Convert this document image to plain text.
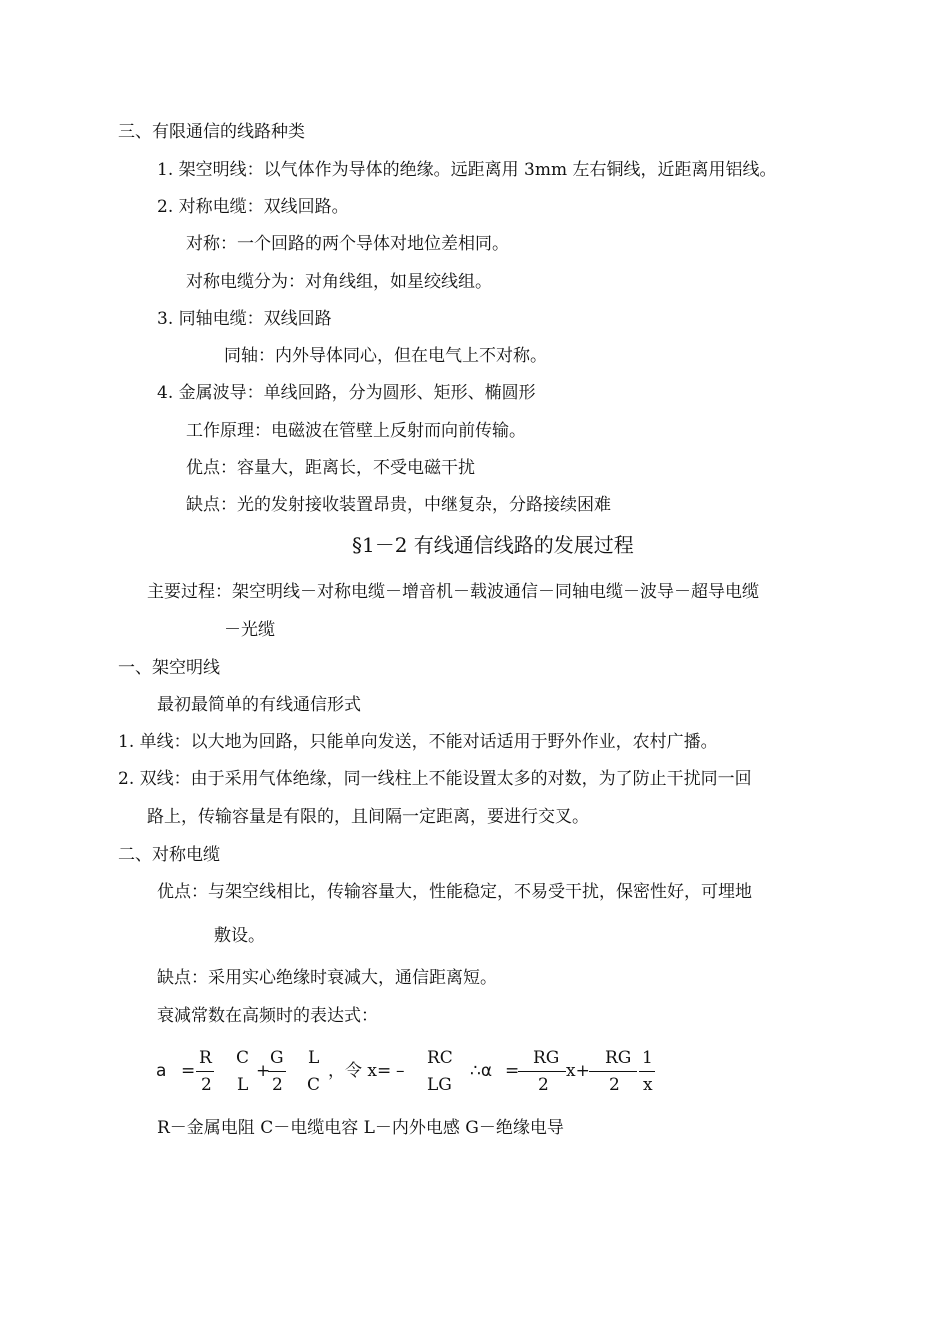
三、有限通信的线路种类
1. 架空明线：以气体作为导体的绝缘。远距离用 3mm 左右铜线，近距离用铝线。
2. 对称电缆：双线回路。
对称：一个回路的两个导体对地位差相同。
对称电缆分为：对角线组，如星绞线组。
3. 同轴电缆：双线回路
同轴：内外导体同心，但在电气上不对称。
4. 金属波导：单线回路，分为圆形、矩形、椭圆形
工作原理：电磁波在管壁上反射而向前传输。
优点：容量大，距离长，不受电磁干扰
缺点：光的发射接收装置昂贵，中继复杂，分路接续困难
§1－2 有线通信线路的发展过程
主要过程：架空明线－对称电缆－增音机－载波通信－同轴电缆－波导－超导电缆
－光缆
一、架空明线
最初最简单的有线通信形式
1. 单线：以大地为回路，只能单向发送，不能对话适用于野外作业，农村广播。
2. 双线：由于采用气体绝缘，同一线柱上不能设置太多的对数，为了防止干扰同一回
路上，传输容量是有限的，且间隔一定距离，要进行交叉。
二、对称电缆
优点：与架空线相比，传输容量大，性能稳定，不易受干扰，保密性好，可埋地
敷设。
缺点：采用实心绝缘时衰减大，通信距离短。
衰减常数在高频时的表达式：
a =
R
2
C
L
+
G
2
L
C
，令 x= –
RC
LG
∴α =
RG
2
x+
RG
2
1
x
R－金属电阻 C－电缆电容 L－内外电感 G－绝缘电导
